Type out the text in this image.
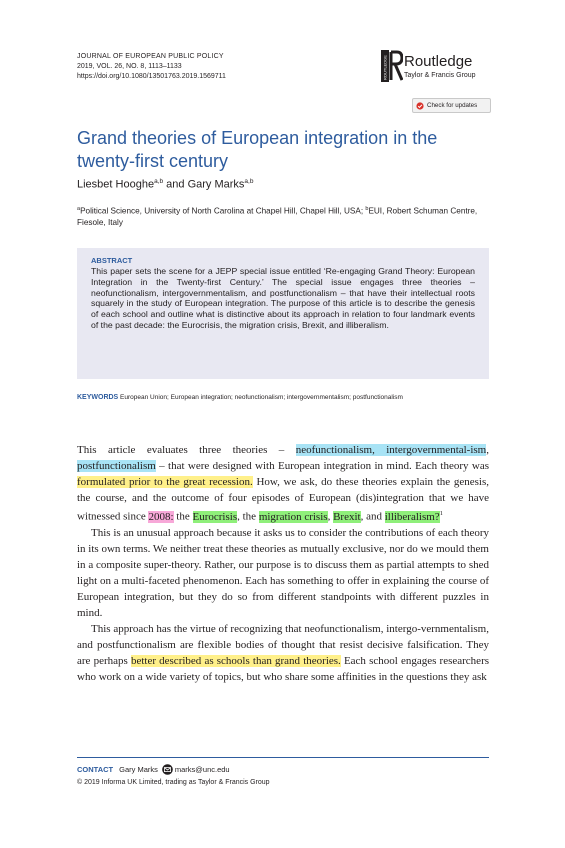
JOURNAL OF EUROPEAN PUBLIC POLICY
2019, VOL. 26, NO. 8, 1113–1133
https://doi.org/10.1080/13501763.2019.1569711	ROUTLEDGE Routledge
Taylor & Francis Group
Check for updates
Grand theories of European integration in the twenty-first century
Liesbet Hooghe$^{a,b}$ and Gary Marks$^{a,b}$
$^a$Political Science, University of North Carolina at Chapel Hill, Chapel Hill, USA; $^b$EUI, Robert Schuman Centre, Fiesole, Italy
ABSTRACT
This paper sets the scene for a JEPP special issue entitled ‘Re-engaging Grand Theory: European Integration in the Twenty-first Century.’ The special issue engages three theories – neofunctionalism, intergovernmentalism, and postfunctionalism – that have their intellectual roots squarely in the study of European integration. The purpose of this article is to describe the genesis of each school and outline what is distinctive about its approach in relation to four landmark events of the past decade: the Eurocrisis, the migration crisis, Brexit, and illiberalism.
KEYWORDS European Union; European integration; neofunctionalism; intergovernmentalism; postfunctionalism

This article evaluates three theories – neofunctionalism, intergovernmental-ism, postfunctionalism – that were designed with European integration in mind. Each theory was formulated prior to the great recession. How, we ask, do these theories explain the genesis, the course, and the outcome of four episodes of European (dis)integration that we have witnessed since 2008: the Eurocrisis, the migration crisis, Brexit, and illiberalism?$^1$

This is an unusual approach because it asks us to consider the contributions of each theory in its own terms. We neither treat these theories as mutually exclusive, nor do we mould them in a composite super-theory. Rather, our purpose is to discuss them as partial attempts to shed light on a multi-faceted phenomenon. Each has something to offer in explaining the course of European integration, but they do so from different standpoints with different puzzles in mind.

This approach has the virtue of recognizing that neofunctionalism, intergo-vernmentalism, and postfunctionalism are flexible bodies of thought that resist decisive falsification. They are perhaps better described as schools than grand theories. Each school engages researchers who work on a wide variety of topics, but who share some affinities in the questions they ask

CONTACT Gary Marks marks@unc.edu
© 2019 Informa UK Limited, trading as Taylor & Francis Group
